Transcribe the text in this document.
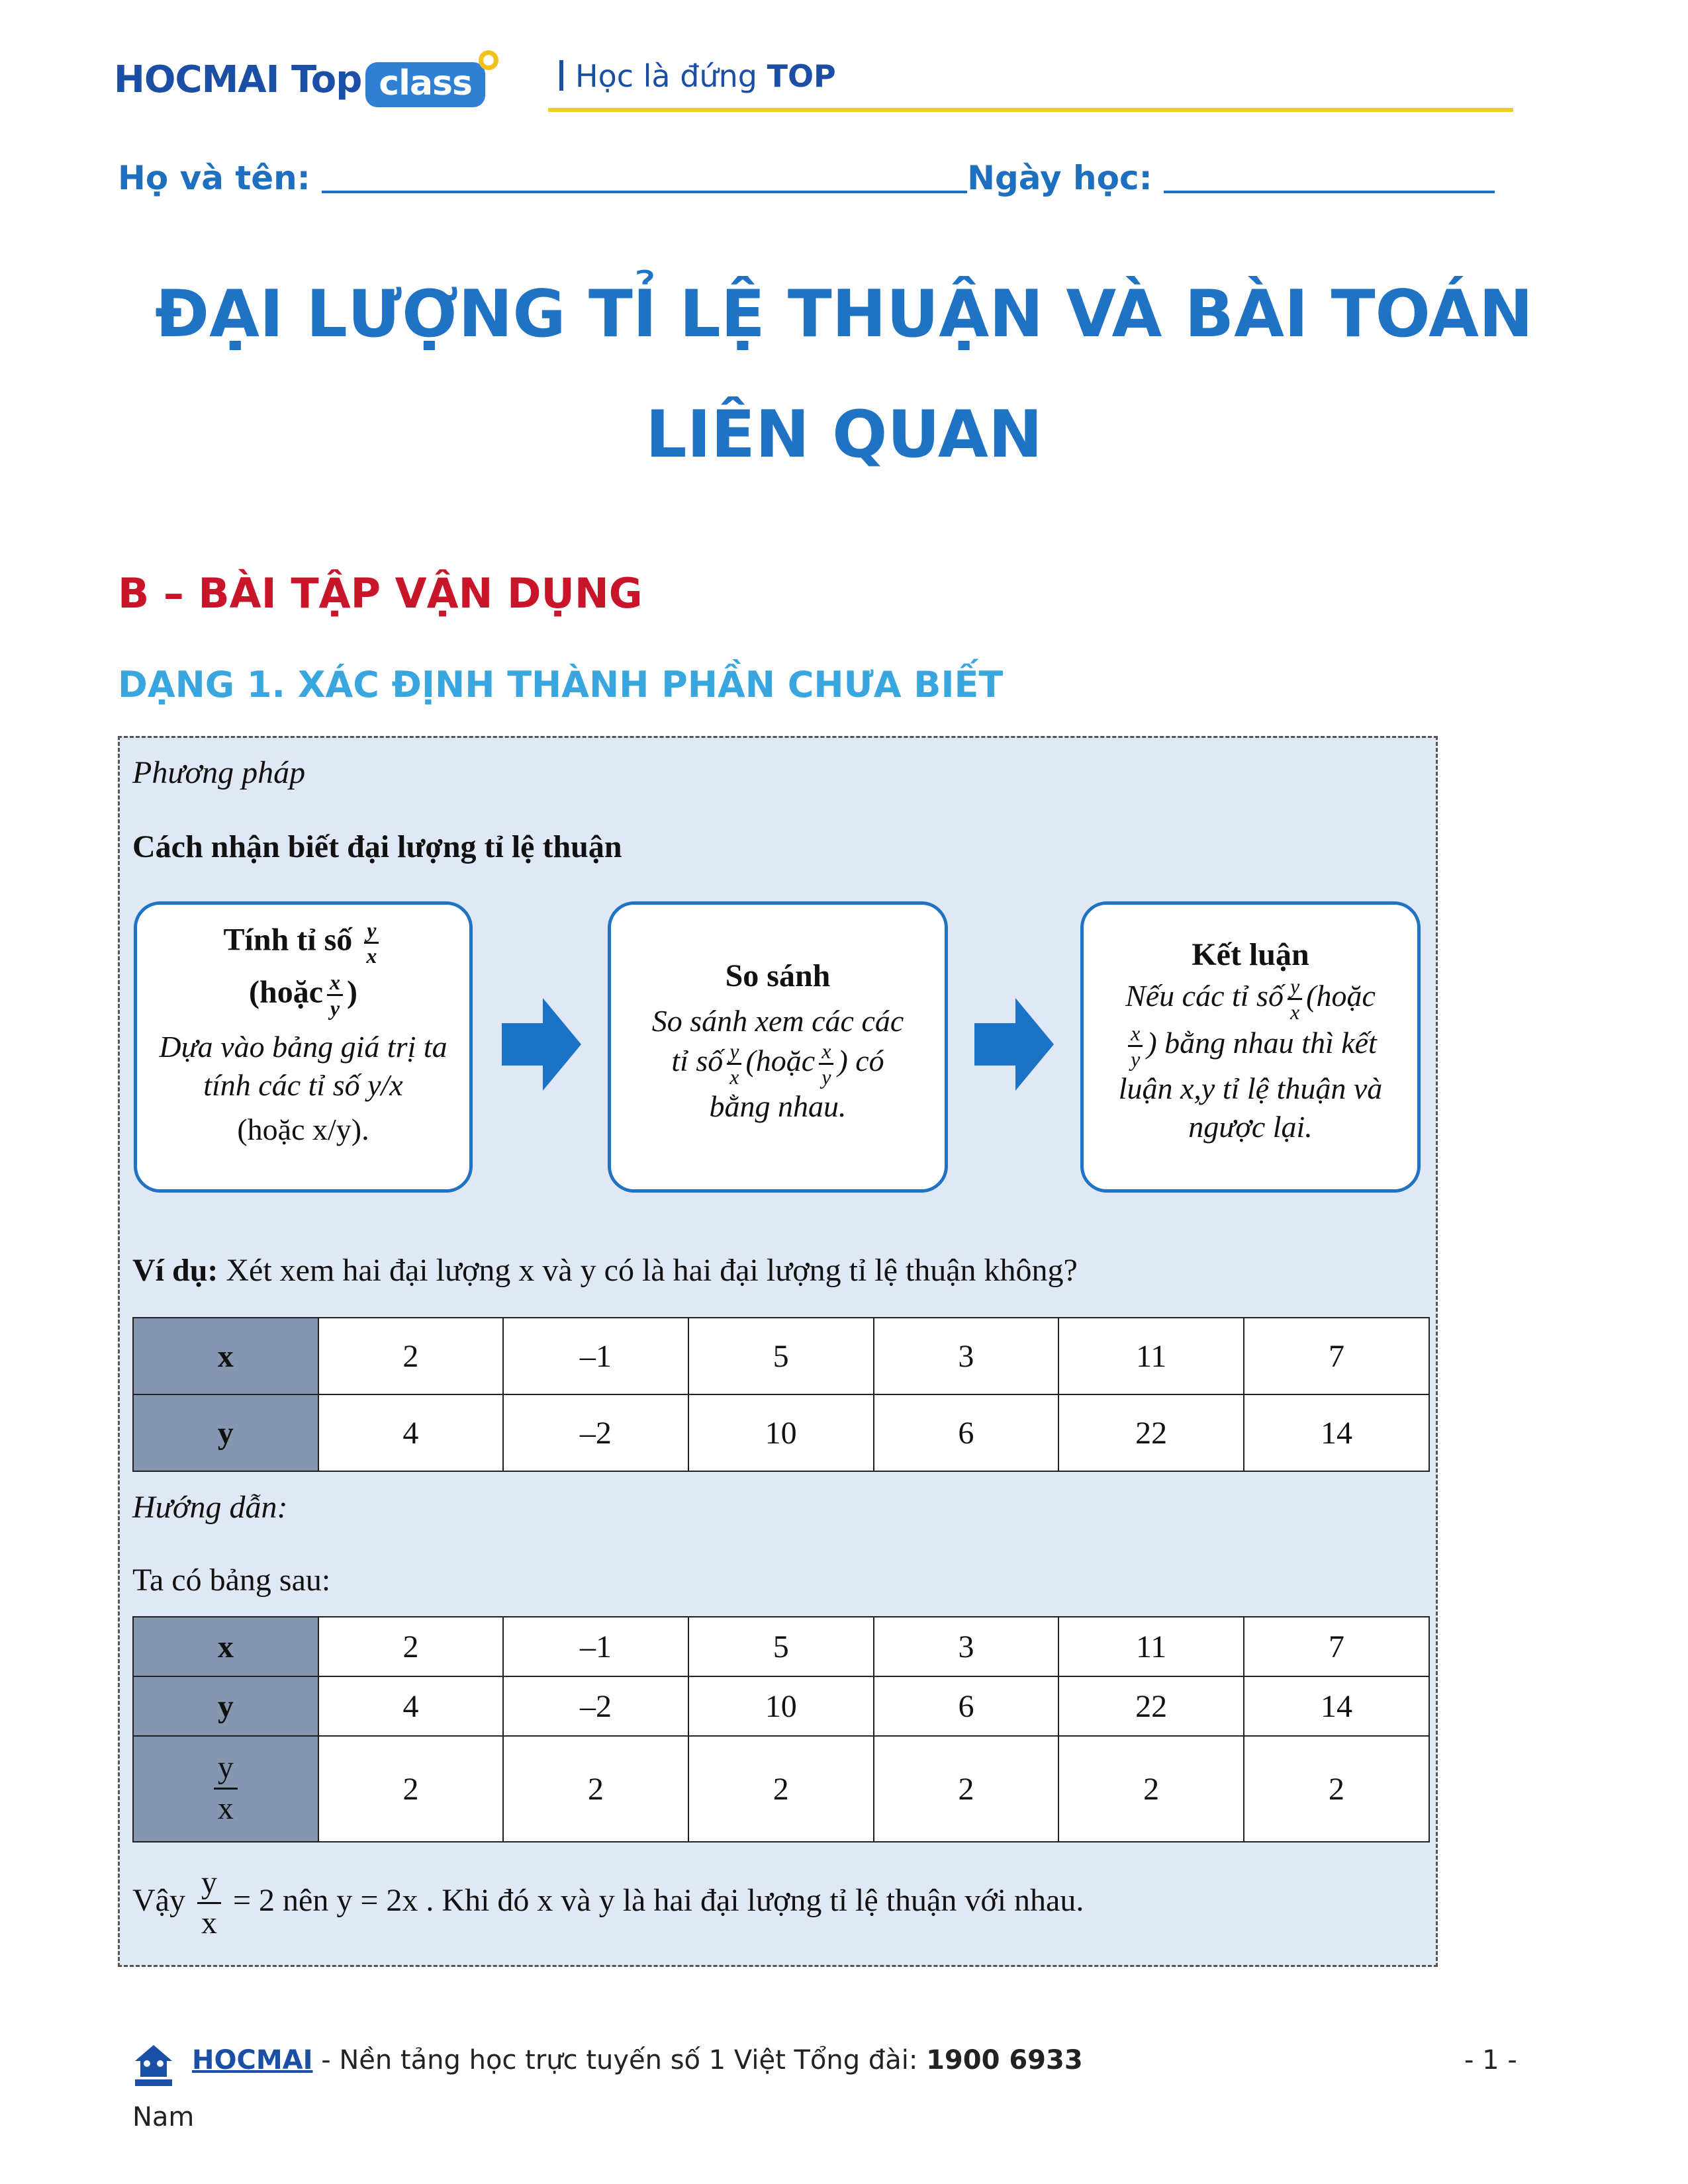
HOCMAI Top class	Học là đứng TOP
Họ và tên:	Ngày học:
ĐẠI LƯỢNG TỈ LỆ THUẬN VÀ BÀI TOÁN
LIÊN QUAN
B – BÀI TẬP VẬN DỤNG
DẠNG 1. XÁC ĐỊNH THÀNH PHẦN CHƯA BIẾT
Phương pháp
Cách nhận biết đại lượng tỉ lệ thuận
Tính tỉ số $\frac{y}{x}$
(hoặc $\frac{x}{y}$ )
Dựa vào bảng giá trị ta tính các tỉ số y/x
(hoặc x/y).
So sánh
So sánh xem các các
tỉ số $\frac{y}{x}$ (hoặc $\frac{x}{y}$ ) có
bằng nhau.
Kết luận
Nếu các tỉ số $\frac{y}{x}$ (hoặc
$\frac{x}{y}$ ) bằng nhau thì kết
luận x,y tỉ lệ thuận và
ngược lại.
Ví dụ: Xét xem hai đại lượng x và y có là hai đại lượng tỉ lệ thuận không?
x	2	–1	5	3	11	7
y	4	–2	10	6	22	14
Hướng dẫn:
Ta có bảng sau:
x	2	–1	5	3	11	7
y	4	–2	10	6	22	14

$\frac{y}{x}$	2	2	2	2	2	2
Vậy $\frac{y}{x} = 2$ nên y = 2x . Khi đó x và y là hai đại lượng tỉ lệ thuận với nhau.
HOCMAI - Nền tảng học trực tuyến số 1 Việt Tổng đài: 1900 6933	- 1 -
Nam
